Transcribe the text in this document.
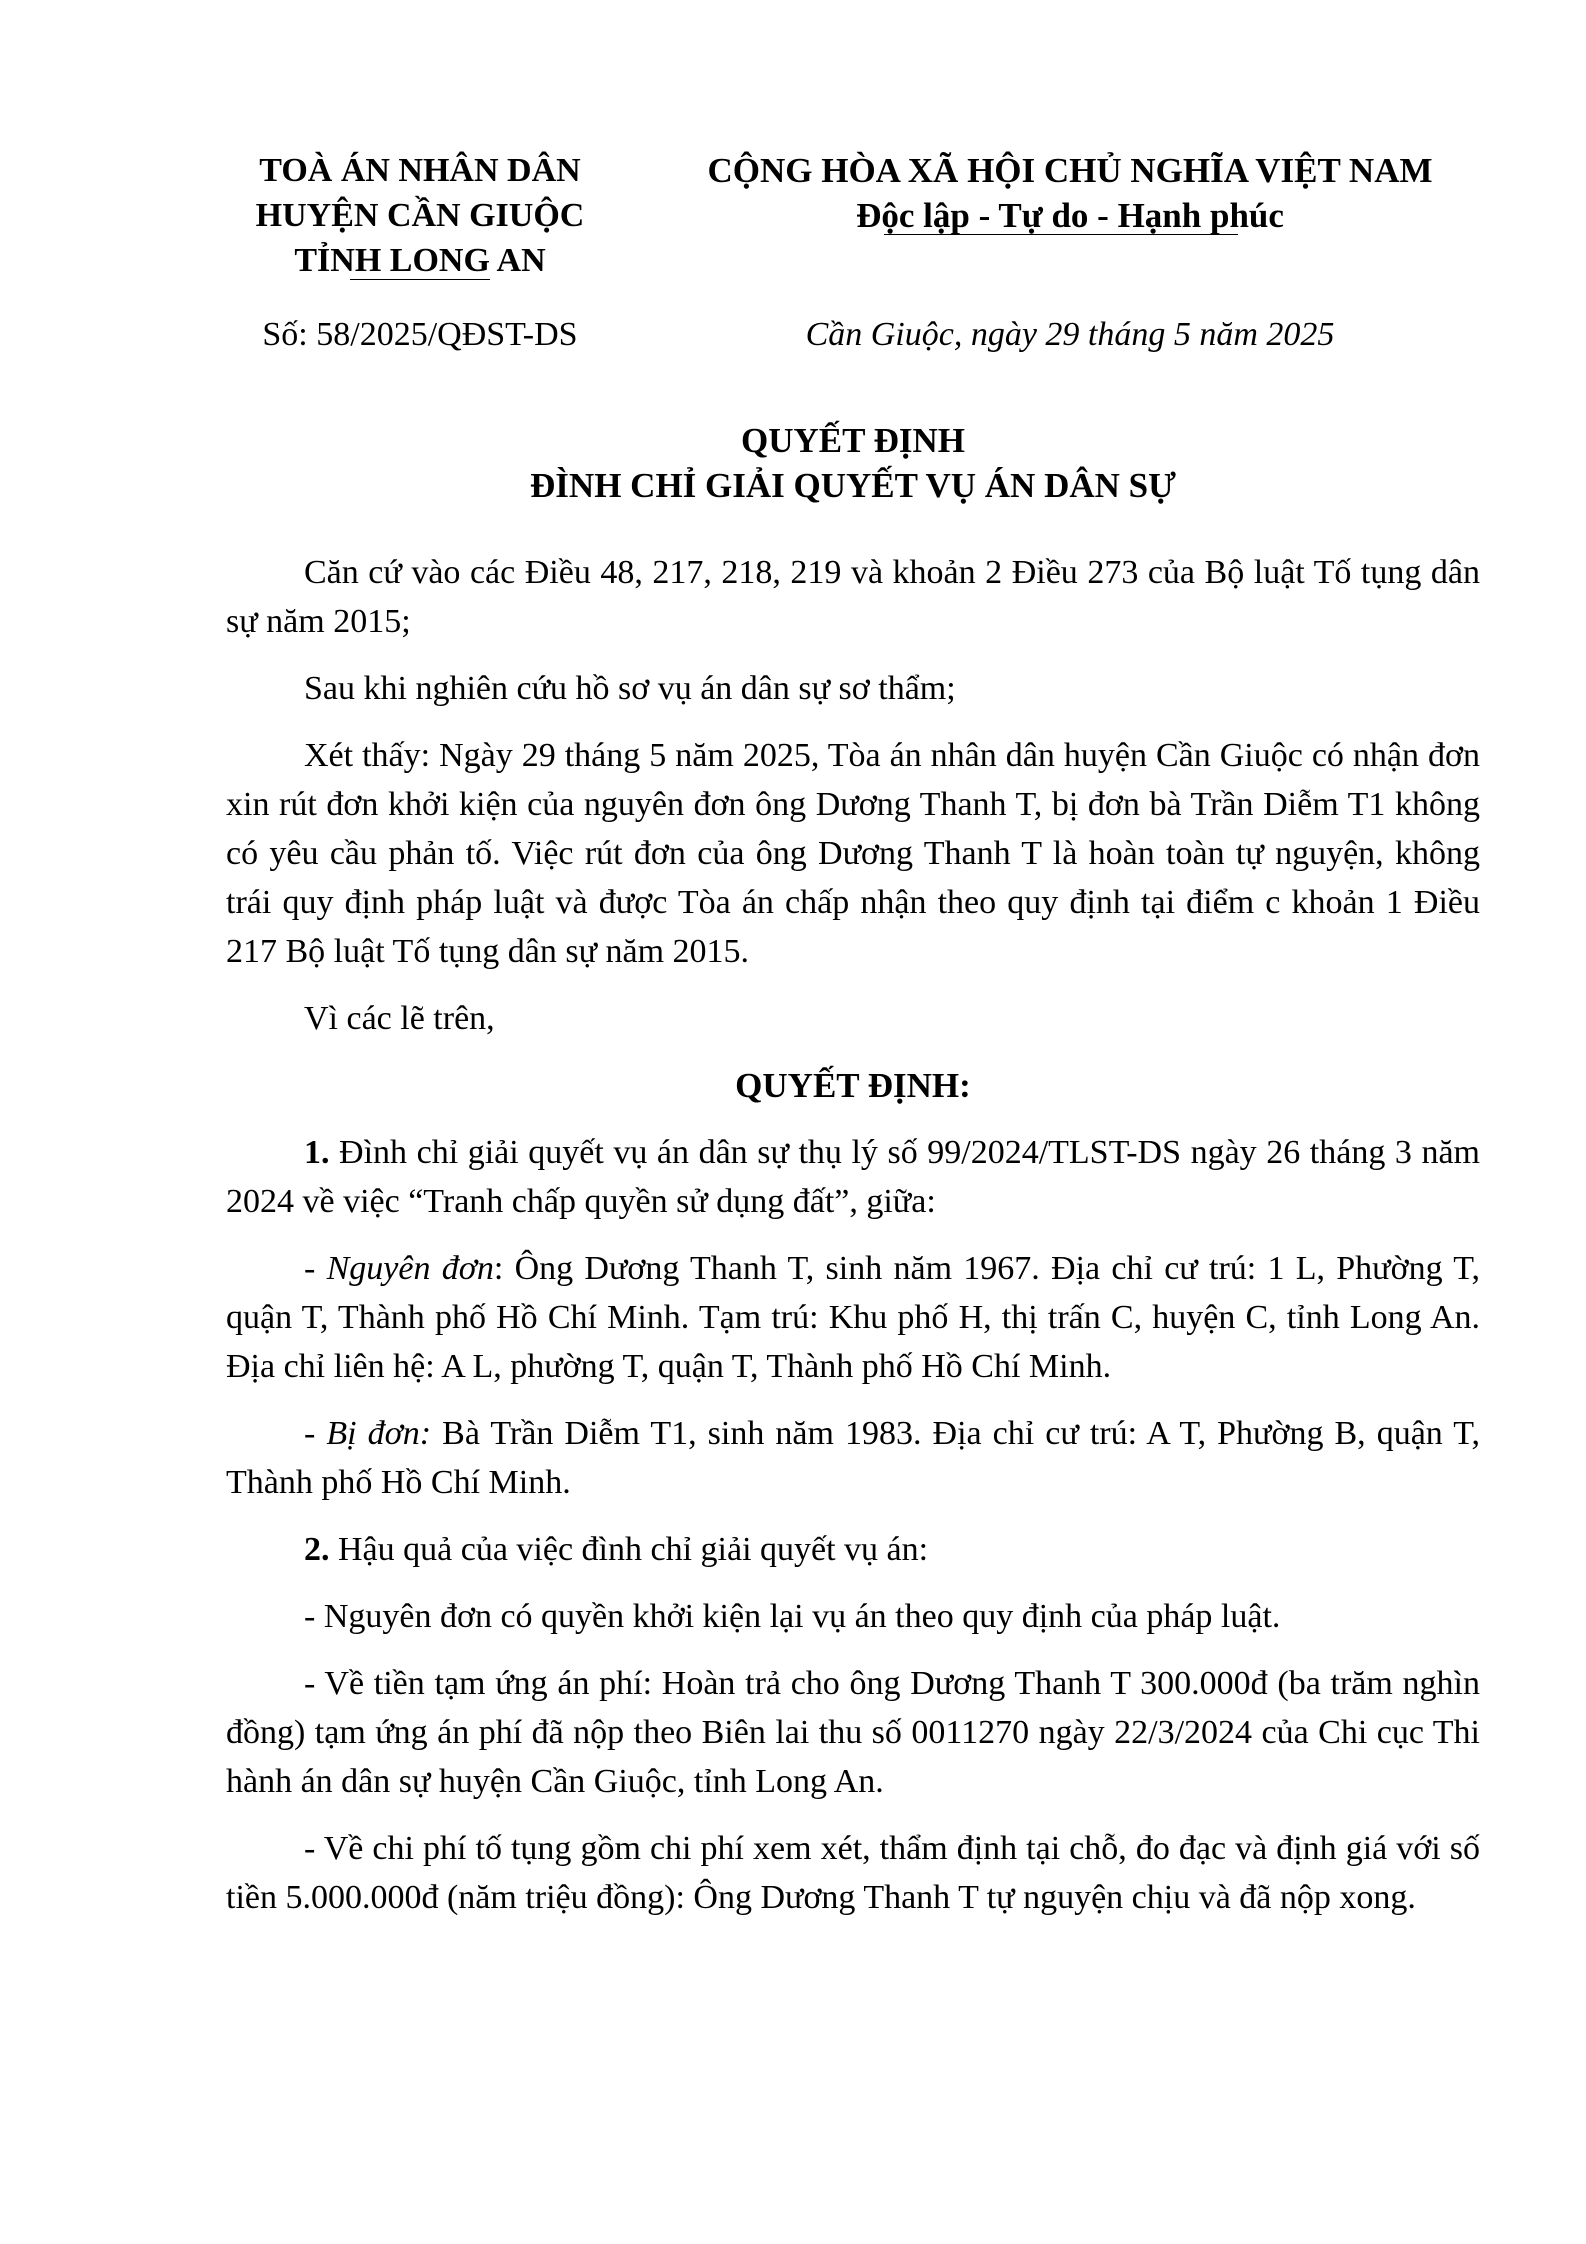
TOÀ ÁN NHÂN DÂN
HUYỆN CẦN GIUỘC
TỈNH LONG AN
CỘNG HÒA XÃ HỘI CHỦ NGHĨA VIỆT NAM
Độc lập - Tự do - Hạnh phúc
Số: 58/2025/QĐST-DS	Cần Giuộc, ngày 29 tháng 5 năm 2025
QUYẾT ĐỊNH
ĐÌNH CHỈ GIẢI QUYẾT VỤ ÁN DÂN SỰ

Căn cứ vào các Điều 48, 217, 218, 219 và khoản 2 Điều 273 của Bộ luật Tố tụng dân sự năm 2015;

Sau khi nghiên cứu hồ sơ vụ án dân sự sơ thẩm;

Xét thấy: Ngày 29 tháng 5 năm 2025, Tòa án nhân dân huyện Cần Giuộc có nhận đơn xin rút đơn khởi kiện của nguyên đơn ông Dương Thanh T, bị đơn bà Trần Diễm T1 không có yêu cầu phản tố. Việc rút đơn của ông Dương Thanh T là hoàn toàn tự nguyện, không trái quy định pháp luật và được Tòa án chấp nhận theo quy định tại điểm c khoản 1 Điều 217 Bộ luật Tố tụng dân sự năm 2015.

Vì các lẽ trên,

QUYẾT ĐỊNH:

1. Đình chỉ giải quyết vụ án dân sự thụ lý số 99/2024/TLST-DS ngày 26 tháng 3 năm 2024 về việc “Tranh chấp quyền sử dụng đất”, giữa:

- Nguyên đơn: Ông Dương Thanh T, sinh năm 1967. Địa chỉ cư trú: 1 L, Phường T, quận T, Thành phố Hồ Chí Minh. Tạm trú: Khu phố H, thị trấn C, huyện C, tỉnh Long An. Địa chỉ liên hệ: A L, phường T, quận T, Thành phố Hồ Chí Minh.

- Bị đơn: Bà Trần Diễm T1, sinh năm 1983. Địa chỉ cư trú: A T, Phường B, quận T, Thành phố Hồ Chí Minh.

2. Hậu quả của việc đình chỉ giải quyết vụ án:

- Nguyên đơn có quyền khởi kiện lại vụ án theo quy định của pháp luật.

- Về tiền tạm ứng án phí: Hoàn trả cho ông Dương Thanh T 300.000đ (ba trăm nghìn đồng) tạm ứng án phí đã nộp theo Biên lai thu số 0011270 ngày 22/3/2024 của Chi cục Thi hành án dân sự huyện Cần Giuộc, tỉnh Long An.

- Về chi phí tố tụng gồm chi phí xem xét, thẩm định tại chỗ, đo đạc và định giá với số tiền 5.000.000đ (năm triệu đồng): Ông Dương Thanh T tự nguyện chịu và đã nộp xong.
